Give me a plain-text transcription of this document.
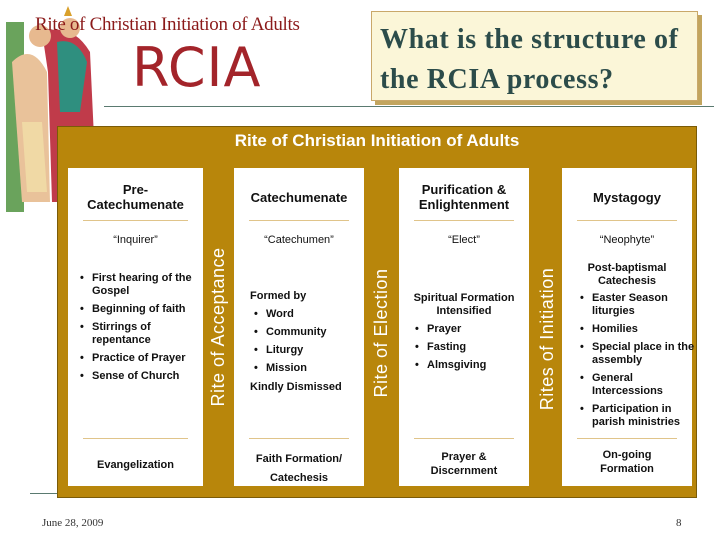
Rite of Christian Initiation of Adults
RCIA	What is the structure of the RCIA process?
Rite of Christian Initiation of Adults
Pre-
Catechumenate
“Inquirer”
• First hearing of the Gospel
• Beginning of faith
• Stirrings of repentance
• Practice of Prayer
• Sense of Church
Evangelization
Rite of Acceptance
Catechumenate
“Catechumen”
Formed by
• Word
• Community
• Liturgy
• Mission
Kindly Dismissed
Faith Formation/
Catechesis
Rite of Election
Purification &
Enlightenment
“Elect”
Spiritual Formation
Intensified
• Prayer
• Fasting
• Almsgiving
Prayer &
Discernment
Rites of Initiation
Mystagogy
“Neophyte”
Post-baptismal
Catechesis
• Easter Season liturgies
• Homilies
• Special place in the assembly
• General Intercessions
• Participation in parish ministries
On-going
Formation
June 28, 2009	8
